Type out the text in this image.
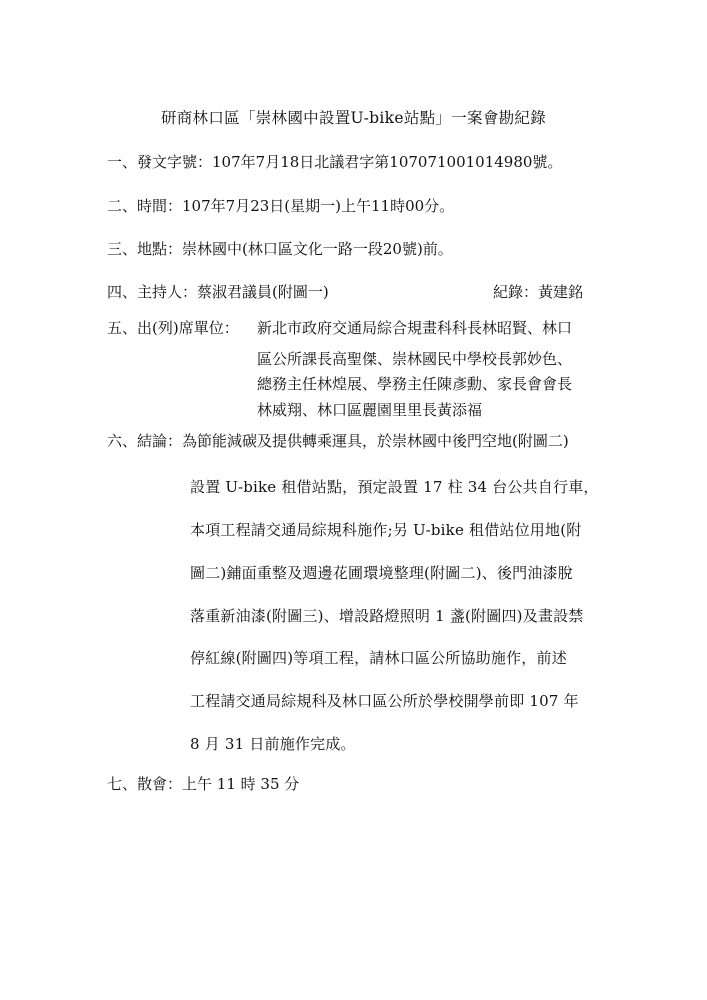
研商林口區「崇林國中設置U-bike站點」一案會勘紀錄
一、發文字號：107年7月18日北議君字第107071001014980號。
二、時間：107年7月23日(星期一)上午11時00分。
三、地點：崇林國中(林口區文化一路一段20號)前。
四、主持人：蔡淑君議員(附圖一)	紀錄：黃建銘
五、出(列)席單位： 新北市政府交通局綜合規畫科科長林昭賢、林口
區公所課長高聖傑、崇林國民中學校長郭妙色、
總務主任林煌展、學務主任陳彥勳、家長會會長
林威翔、林口區麗園里里長黃添福
六、結論：為節能減碳及提供轉乘運具，於崇林國中後門空地(附圖二)
設置 U-bike 租借站點，預定設置 17 柱 34 台公共自行車，
本項工程請交通局綜規科施作;另 U-bike 租借站位用地(附
圖二)鋪面重整及週邊花圃環境整理(附圖二)、後門油漆脫
落重新油漆(附圖三)、增設路燈照明 1 盞(附圖四)及畫設禁
停紅線(附圖四)等項工程，請林口區公所協助施作，前述
工程請交通局綜規科及林口區公所於學校開學前即 107 年
8 月 31 日前施作完成。
七、散會：上午 11 時 35 分
